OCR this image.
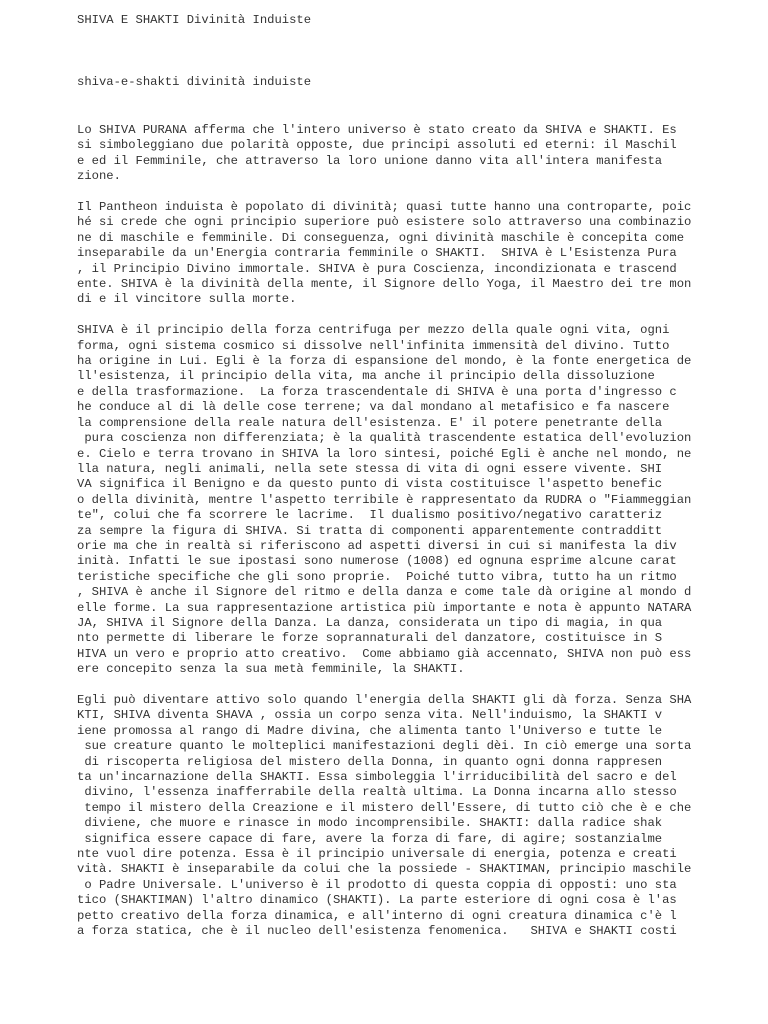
SHIVA E SHAKTI Divinità Induiste
shiva-e-shakti divinità induiste
Lo SHIVA PURANA afferma che l'intero universo è stato creato da SHIVA e SHAKTI. Es
si simboleggiano due polarità opposte, due principi assoluti ed eterni: il Maschil
e ed il Femminile, che attraverso la loro unione danno vita all'intera manifesta
zione.
Il Pantheon induista è popolato di divinità; quasi tutte hanno una controparte, poic
hé si crede che ogni principio superiore può esistere solo attraverso una combinazio
ne di maschile e femminile. Di conseguenza, ogni divinità maschile è concepita come
inseparabile da un'Energia contraria femminile o SHAKTI.  SHIVA è L'Esistenza Pura
, il Principio Divino immortale. SHIVA è pura Coscienza, incondizionata e trascend
ente. SHIVA è la divinità della mente, il Signore dello Yoga, il Maestro dei tre mon
di e il vincitore sulla morte.
SHIVA è il principio della forza centrifuga per mezzo della quale ogni vita, ogni
forma, ogni sistema cosmico si dissolve nell'infinita immensità del divino. Tutto
ha origine in Lui. Egli è la forza di espansione del mondo, è la fonte energetica de
ll'esistenza, il principio della vita, ma anche il principio della dissoluzione
e della trasformazione.  La forza trascendentale di SHIVA è una porta d'ingresso c
he conduce al di là delle cose terrene; va dal mondano al metafisico e fa nascere
la comprensione della reale natura dell'esistenza. E' il potere penetrante della
pura coscienza non differenziata; è la qualità trascendente estatica dell'evoluzion
e. Cielo e terra trovano in SHIVA la loro sintesi, poiché Egli è anche nel mondo, ne
lla natura, negli animali, nella sete stessa di vita di ogni essere vivente. SHI
VA significa il Benigno e da questo punto di vista costituisce l'aspetto benefic
o della divinità, mentre l'aspetto terribile è rappresentato da RUDRA o "Fiammeggian
te", colui che fa scorrere le lacrime.  Il dualismo positivo/negativo caratteriz
za sempre la figura di SHIVA. Si tratta di componenti apparentemente contradditt
orie ma che in realtà si riferiscono ad aspetti diversi in cui si manifesta la div
inità. Infatti le sue ipostasi sono numerose (1008) ed ognuna esprime alcune carat
teristiche specifiche che gli sono proprie.  Poiché tutto vibra, tutto ha un ritmo
, SHIVA è anche il Signore del ritmo e della danza e come tale dà origine al mondo d
elle forme. La sua rappresentazione artistica più importante e nota è appunto NATARA
JA, SHIVA il Signore della Danza. La danza, considerata un tipo di magia, in qua
nto permette di liberare le forze soprannaturali del danzatore, costituisce in S
HIVA un vero e proprio atto creativo.  Come abbiamo già accennato, SHIVA non può ess
ere concepito senza la sua metà femminile, la SHAKTI.
Egli può diventare attivo solo quando l'energia della SHAKTI gli dà forza. Senza SHA
KTI, SHIVA diventa SHAVA , ossia un corpo senza vita. Nell'induismo, la SHAKTI v
iene promossa al rango di Madre divina, che alimenta tanto l'Universo e tutte le
sue creature quanto le molteplici manifestazioni degli dèi. In ciò emerge una sorta
di riscoperta religiosa del mistero della Donna, in quanto ogni donna rappresen
ta un'incarnazione della SHAKTI. Essa simboleggia l'irriducibilità del sacro e del
divino, l'essenza inafferrabile della realtà ultima. La Donna incarna allo stesso
tempo il mistero della Creazione e il mistero dell'Essere, di tutto ciò che è e che
diviene, che muore e rinasce in modo incomprensibile. SHAKTI: dalla radice shak
significa essere capace di fare, avere la forza di fare, di agire; sostanzialme
nte vuol dire potenza. Essa è il principio universale di energia, potenza e creati
vità. SHAKTI è inseparabile da colui che la possiede - SHAKTIMAN, principio maschile
o Padre Universale. L'universo è il prodotto di questa coppia di opposti: uno sta
tico (SHAKTIMAN) l'altro dinamico (SHAKTI). La parte esteriore di ogni cosa è l'as
petto creativo della forza dinamica, e all'interno di ogni creatura dinamica c'è l
a forza statica, che è il nucleo dell'esistenza fenomenica.   SHIVA e SHAKTI costi
